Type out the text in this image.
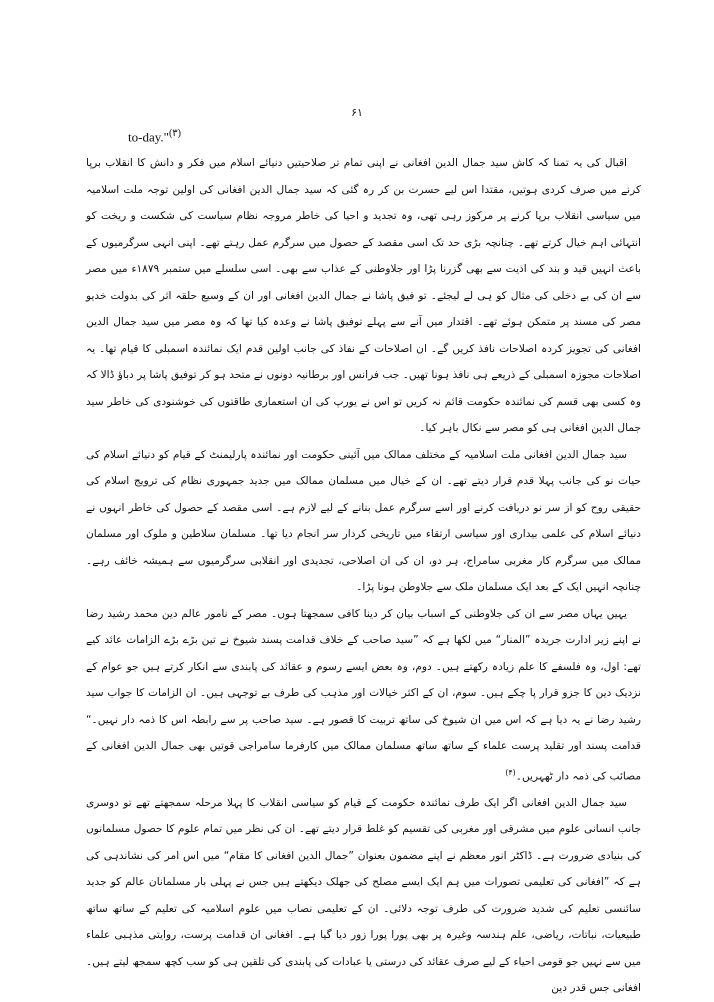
۶۱
to-day."$^{(۳)}$

اقبال کی یہ تمنا کہ کاش سید جمال الدین افغانی نے اپنی تمام تر صلاحیتیں دنیائے اسلام میں فکر و دانش کا انقلاب برپا کرنے میں صرف کردی ہوتیں، مقتدا اس لیے حسرت بن کر رہ گئی کہ سید جمال الدین افغانی کی اولین توجہ ملت اسلامیہ میں سیاسی انقلاب برپا کرنے پر مرکوز رہی تھی، وہ تجدید و احیا کی خاطر مروجہ نظام سیاست کی شکست و ریخت کو انتہائی اہم خیال کرتے تھے۔ چنانچہ بڑی حد تک اسی مقصد کے حصول میں سرگرم عمل رہتے تھے۔ اپنی انہی سرگرمیوں کے باعث انہیں قید و بند کی اذیت سے بھی گزرنا پڑا اور جلاوطنی کے عذاب سے بھی۔ اسی سلسلے میں ستمبر ۱۸۷۹ء میں مصر سے ان کی بے دخلی کی مثال کو ہی لے لیجئے۔ تو فیق پاشا نے جمال الدین افغانی اور ان کے وسیع حلقہ اثر کی بدولت خدیو مصر کی مسند پر متمکن ہوئے تھے۔ اقتدار میں آنے سے پہلے توفیق پاشا نے وعدہ کیا تھا کہ وہ مصر میں سید جمال الدین افغانی کی تجویز کردہ اصلاحات نافذ کریں گے۔ ان اصلاحات کے نفاذ کی جانب اولین قدم ایک نمائندہ اسمبلی کا قیام تھا۔ یہ اصلاحات مجوزہ اسمبلی کے ذریعے ہی نافذ ہونا تھیں۔ جب فرانس اور برطانیہ دونوں نے متحد ہو کر توفیق پاشا پر دباؤ ڈالا کہ وہ کسی بھی قسم کی نمائندہ حکومت قائم نہ کریں تو اس نے یورپ کی ان استعماری طاقتوں کی خوشنودی کی خاطر سید جمال الدین افغانی ہی کو مصر سے نکال باہر کیا۔

سید جمال الدین افغانی ملت اسلامیہ کے مختلف ممالک میں آئینی حکومت اور نمائندہ پارلیمنٹ کے قیام کو دنیائے اسلام کی حیات نو کی جانب پہلا قدم قرار دیتے تھے۔ ان کے خیال میں مسلمان ممالک میں جدید جمہوری نظام کی ترویج اسلام کی حقیقی روح کو از سر نو دریافت کرنے اور اسے سرگرم عمل بنانے کے لیے لازم ہے۔ اسی مقصد کے حصول کی خاطر انہوں نے دنیائے اسلام کی علمی بیداری اور سیاسی ارتقاء میں تاریخی کردار سر انجام دیا تھا۔ مسلمان سلاطین و ملوک اور مسلمان ممالک میں سرگرم کار مغربی سامراج، ہر دو، ان کی ان اصلاحی، تجدیدی اور انقلابی سرگرمیوں سے ہمیشہ خائف رہے۔ چنانچہ انہیں ایک کے بعد ایک مسلمان ملک سے جلاوطن ہونا پڑا۔

یہیں یہاں مصر سے ان کی جلاوطنی کے اسباب بیان کر دینا کافی سمجھتا ہوں۔ مصر کے نامور عالم دین محمد رشید رضا نے اپنے زیر ادارت جریدہ ”المنار“ میں لکھا ہے کہ ”سید صاحب کے خلاف قدامت پسند شیوخ نے تین بڑے بڑے الزامات عائد کیے تھے: اول، وہ فلسفے کا علم زیادہ رکھتے ہیں۔ دوم، وہ بعض ایسے رسوم و عقائد کی پابندی سے انکار کرتے ہیں جو عوام کے نزدیک دین کا جزو قرار پا چکے ہیں۔ سوم، ان کے اکثر خیالات اور مذہب کی طرف بے توجہی ہیں۔ ان الزامات کا جواب سید رشید رضا نے یہ دیا ہے کہ اس میں ان شیوخ کی ساتھ تربیت کا قصور ہے۔ سید صاحب پر سے رابطہ اس کا ذمہ دار نہیں۔“ قدامت پسند اور تقلید پرست علماء کے ساتھ ساتھ مسلمان ممالک میں کارفرما سامراجی قوتیں بھی جمال الدین افغانی کے مصائب کی ذمہ دار ٹھہریں۔$^{(۴)}$

سید جمال الدین افغانی اگر ایک طرف نمائندہ حکومت کے قیام کو سیاسی انقلاب کا پہلا مرحلہ سمجھتے تھے تو دوسری جانب انسانی علوم میں مشرقی اور مغربی کی تقسیم کو غلط قرار دیتے تھے۔ ان کی نظر میں تمام علوم کا حصول مسلمانوں کی بنیادی ضرورت ہے۔ ڈاکٹر انور معظم نے اپنے مضمون بعنوان ”جمال الدین افغانی کا مقام“ میں اس امر کی نشاندہی کی ہے کہ ”افغانی کی تعلیمی تصورات میں ہم ایک ایسے مصلح کی جھلک دیکھتے ہیں جس نے پہلی بار مسلمانان عالم کو جدید سائنسی تعلیم کی شدید ضرورت کی طرف توجہ دلائی۔ ان کے تعلیمی نصاب میں علوم اسلامیہ کی تعلیم کے ساتھ ساتھ طبیعیات، نباتات، ریاضی، علم ہندسہ وغیرہ پر بھی پورا پورا زور دیا گیا ہے۔ افغانی ان قدامت پرست، روایتی مذہبی علماء میں سے نہیں جو قومی احیاء کے لیے صرف عقائد کی درستی یا عبادات کی پابندی کی تلقین ہی کو سب کچھ سمجھ لیتے ہیں۔ افغانی جس قدر دین
